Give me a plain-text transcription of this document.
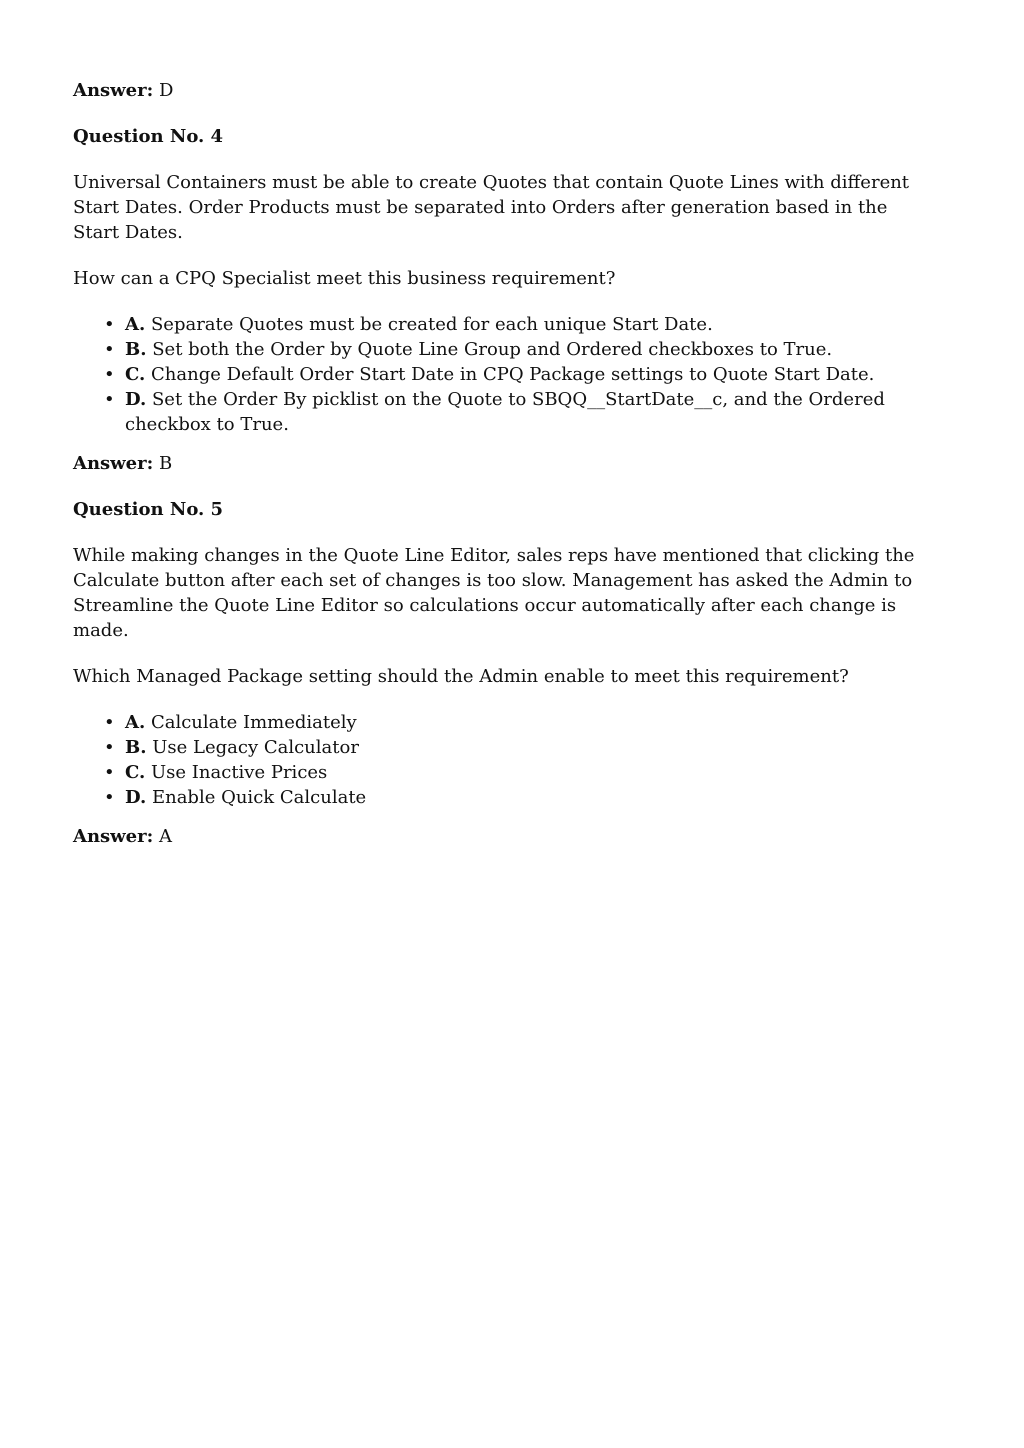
Answer: D

Question No. 4

Universal Containers must be able to create Quotes that contain Quote Lines with different Start Dates. Order Products must be separated into Orders after generation based in the Start Dates.

How can a CPQ Specialist meet this business requirement?

• A. Separate Quotes must be created for each unique Start Date.
• B. Set both the Order by Quote Line Group and Ordered checkboxes to True.
• C. Change Default Order Start Date in CPQ Package settings to Quote Start Date.
• D. Set the Order By picklist on the Quote to SBQQ__StartDate__c, and the Ordered checkbox to True.

Answer: B

Question No. 5

While making changes in the Quote Line Editor, sales reps have mentioned that clicking the Calculate button after each set of changes is too slow. Management has asked the Admin to Streamline the Quote Line Editor so calculations occur automatically after each change is made.

Which Managed Package setting should the Admin enable to meet this requirement?

• A. Calculate Immediately
• B. Use Legacy Calculator
• C. Use Inactive Prices
• D. Enable Quick Calculate

Answer: A
